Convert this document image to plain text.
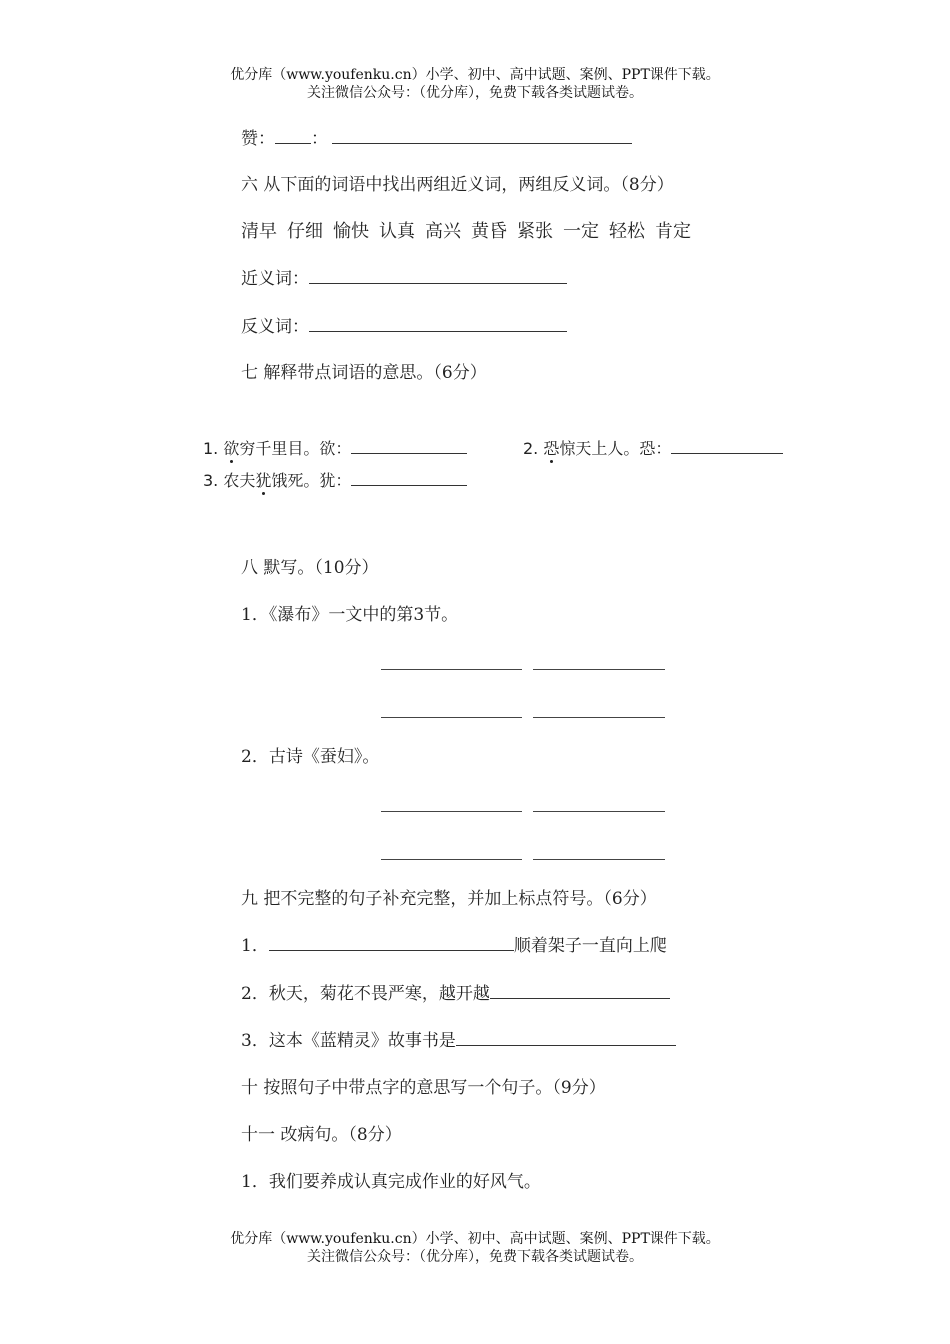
优分库（www.youfenku.cn）小学、初中、高中试题、案例、PPT课件下载。
关注微信公众号：（优分库），免费下载各类试题试卷。
赞： ：
六 从下面的词语中找出两组近义词，两组反义词。（8分）
清早 仔细 愉快 认真 高兴 黄昏 紧张 一定 轻松 肯定
近义词：
反义词：
七 解释带点词语的意思。（6分）
1. 欲穷千里目。欲：	2. 恐惊天上人。恐：
3. 农夫犹饿死。犹：
八 默写。（10分）
1．《瀑布》一文中的第3节。
2．古诗《蚕妇》。
九 把不完整的句子补充完整，并加上标点符号。（6分）
1．	顺着架子一直向上爬
2．秋天，菊花不畏严寒，越开越
3．这本《蓝精灵》故事书是
十 按照句子中带点字的意思写一个句子。（9分）
十一 改病句。（8分）
1．我们要养成认真完成作业的好风气。
优分库（www.youfenku.cn）小学、初中、高中试题、案例、PPT课件下载。
关注微信公众号：（优分库），免费下载各类试题试卷。
